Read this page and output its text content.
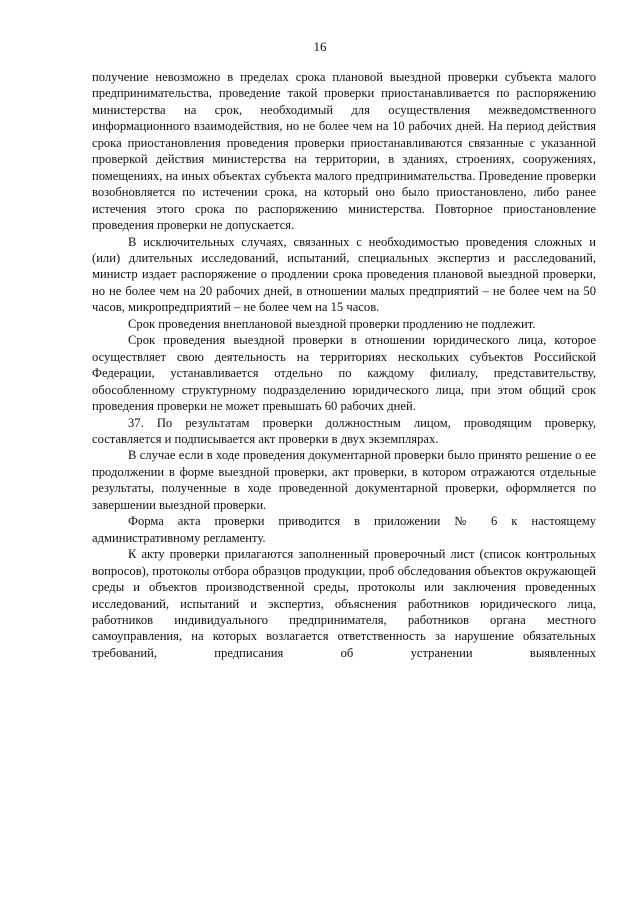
16

получение невозможно в пределах срока плановой выездной проверки субъекта малого предпринимательства, проведение такой проверки приостанавливается по распоряжению министерства на срок, необходимый для осуществления межведомственного информационного взаимодействия, но не более чем на 10 рабочих дней. На период действия срока приостановления проведения проверки приостанавливаются связанные с указанной проверкой действия министерства на территории, в зданиях, строениях, сооружениях, помещениях, на иных объектах субъекта малого предпринимательства. Проведение проверки возобновляется по истечении срока, на который оно было приостановлено, либо ранее истечения этого срока по распоряжению министерства. Повторное приостановление проведения проверки не допускается.

В исключительных случаях, связанных с необходимостью проведения сложных и (или) длительных исследований, испытаний, специальных экспертиз и расследований, министр издает распоряжение о продлении срока проведения плановой выездной проверки, но не более чем на 20 рабочих дней, в отношении малых предприятий – не более чем на 50 часов, микропредприятий – не более чем на 15 часов.

Срок проведения внеплановой выездной проверки продлению не подлежит.

Срок проведения выездной проверки в отношении юридического лица, которое осуществляет свою деятельность на территориях нескольких субъектов Российской Федерации, устанавливается отдельно по каждому филиалу, представительству, обособленному структурному подразделению юридического лица, при этом общий срок проведения проверки не может превышать 60 рабочих дней.

37. По результатам проверки должностным лицом, проводящим проверку, составляется и подписывается акт проверки в двух экземплярах.

В случае если в ходе проведения документарной проверки было принято решение о ее продолжении в форме выездной проверки, акт проверки, в котором отражаются отдельные результаты, полученные в ходе проведенной документарной проверки, оформляется по завершении выездной проверки.

Форма акта проверки приводится в приложении № 6 к настоящему административному регламенту.

К акту проверки прилагаются заполненный проверочный лист (список контрольных вопросов), протоколы отбора образцов продукции, проб обследования объектов окружающей среды и объектов производственной среды, протоколы или заключения проведенных исследований, испытаний и экспертиз, объяснения работников юридического лица, работников индивидуального предпринимателя, работников органа местного самоуправления, на которых возлагается ответственность за нарушение обязательных требований, предписания об устранении выявленных
